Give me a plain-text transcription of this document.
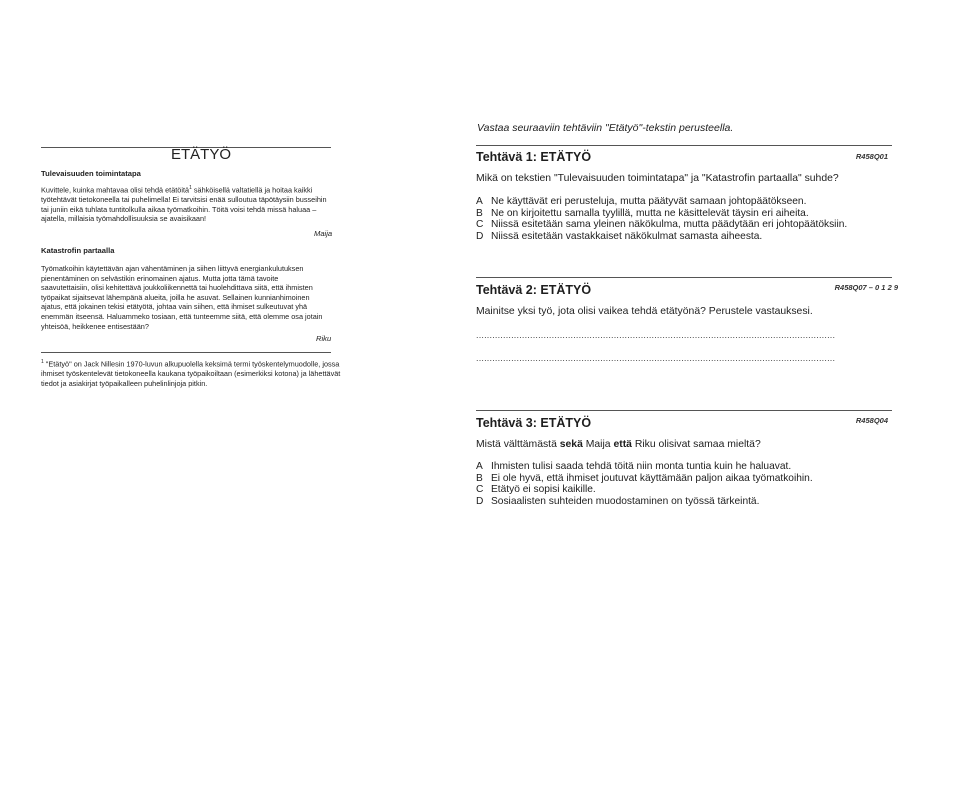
ETÄTYÖ
Tulevaisuuden toimintatapa
Kuvittele, kuinka mahtavaa olisi tehdä etätöitä$^1$ sähköisellä valtatiellä ja hoitaa kaikki
työtehtävät tietokoneella tai puhelimella! Ei tarvitsisi enää sulloutua täpötäysiin busseihin
tai juniin eikä tuhlata tuntitolkulla aikaa työmatkoihin. Töitä voisi tehdä missä haluaa –
ajatella, millaisia työmahdollisuuksia se avaisikaan!
Maija
Katastrofin partaalla
Työmatkoihin käytettävän ajan vähentäminen ja siihen liittyvä energiankulutuksen
pienentäminen on selvästikin erinomainen ajatus. Mutta jotta tämä tavoite
saavutettaisiin, olisi kehitettävä joukkoliikennettä tai huolehdittava siitä, että ihmisten
työpaikat sijaitsevat lähempänä alueita, joilla he asuvat. Sellainen kunnianhimoinen
ajatus, että jokainen tekisi etätyötä, johtaa vain siihen, että ihmiset sulkeutuvat yhä
enemmän itseensä. Haluammeko tosiaan, että tunteemme siitä, että olemme osa jotain
yhteisöä, heikkenee entisestään?
Riku
$^1$ "Etätyö" on Jack Nillesin 1970-luvun alkupuolella keksimä termi työskentelymuodolle, jossa
ihmiset työskentelevät tietokoneella kaukana työpaikoiltaan (esimerkiksi kotona) ja lähettävät
tiedot ja asiakirjat työpaikalleen puhelinlinjoja pitkin.
Vastaa seuraaviin tehtäviin "Etätyö"-tekstin perusteella.
Tehtävä 1: ETÄTYÖ	R458Q01
Mikä on tekstien "Tulevaisuuden toimintatapa" ja "Katastrofin partaalla" suhde?
A Ne käyttävät eri perusteluja, mutta päätyvät samaan johtopäätökseen.
B Ne on kirjoitettu samalla tyylillä, mutta ne käsittelevät täysin eri aiheita.
C Niissä esitetään sama yleinen näkökulma, mutta päädytään eri johtopäätöksiin.
D Niissä esitetään vastakkaiset näkökulmat samasta aiheesta.
Tehtävä 2: ETÄTYÖ	R458Q07 – 0 1 2 9
Mainitse yksi työ, jota olisi vaikea tehdä etätyönä? Perustele vastauksesi.
.....................................................................................................................................
.....................................................................................................................................
Tehtävä 3: ETÄTYÖ	R458Q04
Mistä välttämästä sekä Maija että Riku olisivat samaa mieltä?
A Ihmisten tulisi saada tehdä töitä niin monta tuntia kuin he haluavat.
B Ei ole hyvä, että ihmiset joutuvat käyttämään paljon aikaa työmatkoihin.
C Etätyö ei sopisi kaikille.
D Sosiaalisten suhteiden muodostaminen on työssä tärkeintä.
